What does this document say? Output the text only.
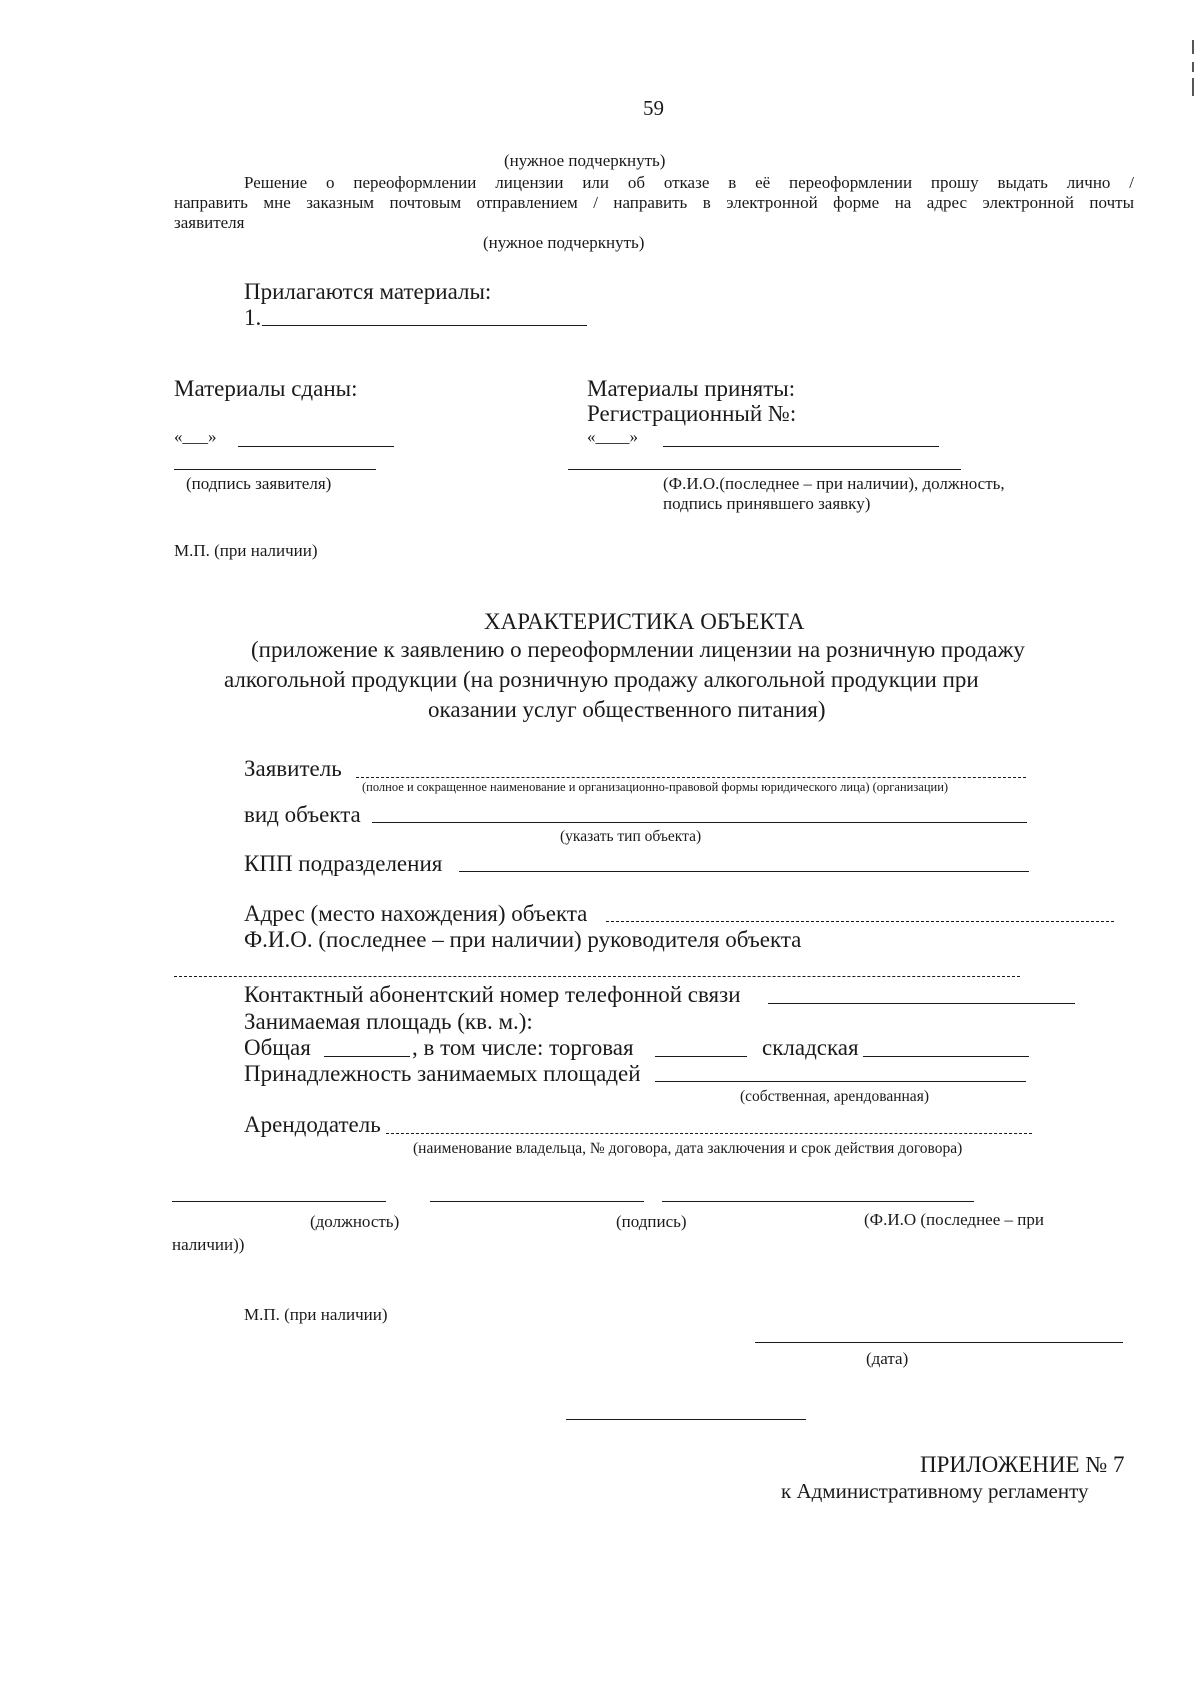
59
(нужное подчеркнуть)
Решение о переоформлении лицензии или об отказе в её переоформлении прошу выдать лично /
направить мне заказным почтовым отправлением / направить в электронной форме на адрес электронной почты
заявителя
(нужное подчеркнуть)
Прилагаются материалы:
1.
Материалы сданы:	Материалы приняты:
Регистрационный №:
«___»	«____»
(подпись заявителя)	(Ф.И.О.(последнее – при наличии), должность,
подпись принявшего заявку)
М.П. (при наличии)
ХАРАКТЕРИСТИКА ОБЪЕКТА
(приложение к заявлению о переоформлении лицензии на розничную продажу
алкогольной продукции (на розничную продажу алкогольной продукции при
оказании услуг общественного питания)
Заявитель
(полное и сокращенное наименование и организационно-правовой формы юридического лица) (организации)
вид объекта
(указать тип объекта)
КПП подразделения
Адрес (место нахождения) объекта
Ф.И.О. (последнее – при наличии) руководителя объекта
Контактный абонентский номер телефонной связи
Занимаемая площадь (кв. м.):
Общая	, в том числе: торговая	складская
Принадлежность занимаемых площадей
(собственная, арендованная)
Арендодатель
(наименование владельца, № договора, дата заключения и срок действия договора)
(должность)	(подпись)	(Ф.И.О (последнее – при
наличии))
М.П. (при наличии)
(дата)
ПРИЛОЖЕНИЕ № 7
к Административному регламенту
